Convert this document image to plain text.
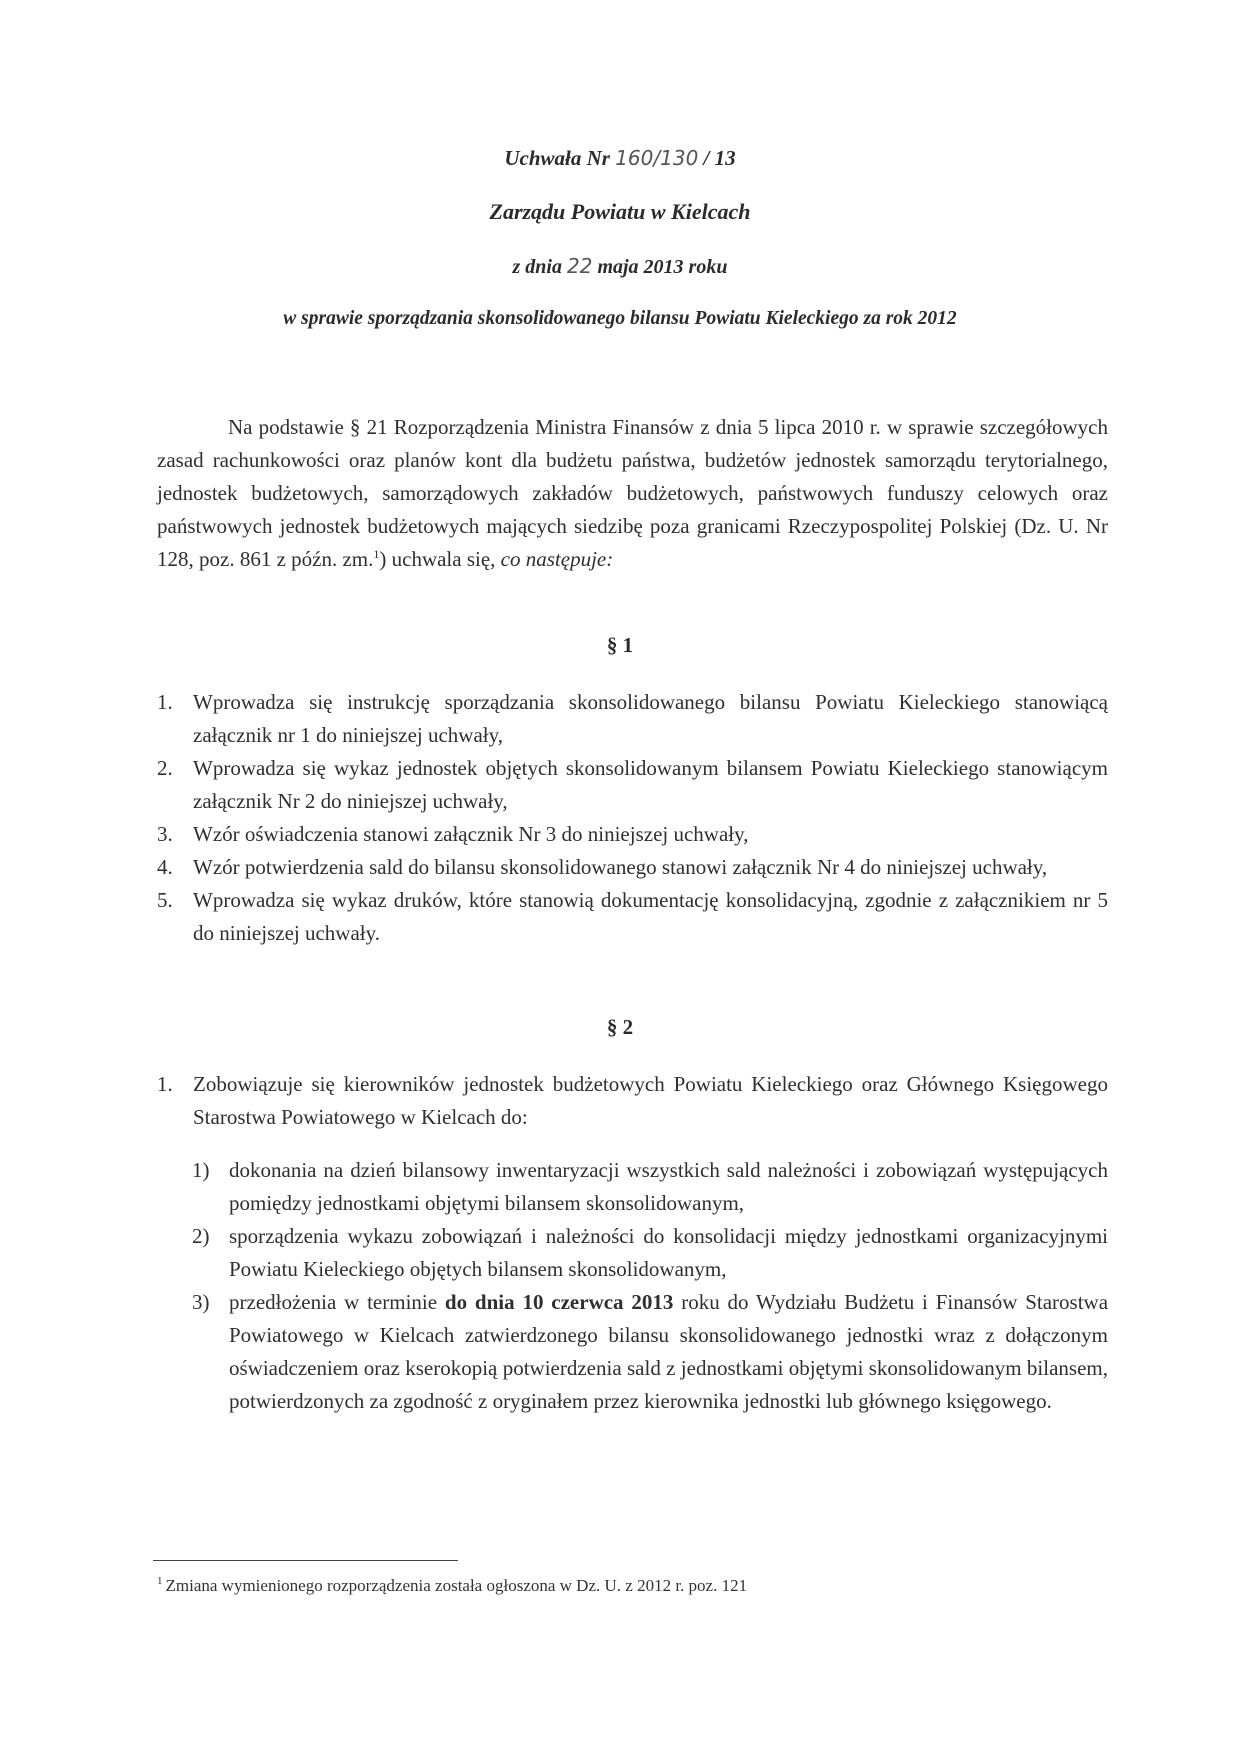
Uchwała Nr 160/130 / 13
Zarządu Powiatu w Kielcach
z dnia 22 maja 2013 roku
w sprawie sporządzania skonsolidowanego bilansu Powiatu Kieleckiego za rok 2012
Na podstawie § 21 Rozporządzenia Ministra Finansów z dnia 5 lipca 2010 r. w sprawie szczegółowych zasad rachunkowości oraz planów kont dla budżetu państwa, budżetów jednostek samorządu terytorialnego, jednostek budżetowych, samorządowych zakładów budżetowych, państwowych funduszy celowych oraz państwowych jednostek budżetowych mających siedzibę poza granicami Rzeczypospolitej Polskiej (Dz. U. Nr 128, poz. 861 z późn. zm.$^1$) uchwala się, co następuje:
§ 1
1. Wprowadza się instrukcję sporządzania skonsolidowanego bilansu Powiatu Kieleckiego stanowiącą załącznik nr 1 do niniejszej uchwały,
2. Wprowadza się wykaz jednostek objętych skonsolidowanym bilansem Powiatu Kieleckiego stanowiącym załącznik Nr 2 do niniejszej uchwały,
3. Wzór oświadczenia stanowi załącznik Nr 3 do niniejszej uchwały,
4. Wzór potwierdzenia sald do bilansu skonsolidowanego stanowi załącznik Nr 4 do niniejszej uchwały,
5. Wprowadza się wykaz druków, które stanowią dokumentację konsolidacyjną, zgodnie z załącznikiem nr 5 do niniejszej uchwały.
§ 2
1. Zobowiązuje się kierowników jednostek budżetowych Powiatu Kieleckiego oraz Głównego Księgowego Starostwa Powiatowego w Kielcach do:
1) dokonania na dzień bilansowy inwentaryzacji wszystkich sald należności i zobowiązań występujących pomiędzy jednostkami objętymi bilansem skonsolidowanym,
2) sporządzenia wykazu zobowiązań i należności do konsolidacji między jednostkami organizacyjnymi Powiatu Kieleckiego objętych bilansem skonsolidowanym,
3) przedłożenia w terminie do dnia 10 czerwca 2013 roku do Wydziału Budżetu i Finansów Starostwa Powiatowego w Kielcach zatwierdzonego bilansu skonsolidowanego jednostki wraz z dołączonym oświadczeniem oraz kserokopią potwierdzenia sald z jednostkami objętymi skonsolidowanym bilansem, potwierdzonych za zgodność z oryginałem przez kierownika jednostki lub głównego księgowego.
$^1$ Zmiana wymienionego rozporządzenia została ogłoszona w Dz. U. z 2012 r. poz. 121
